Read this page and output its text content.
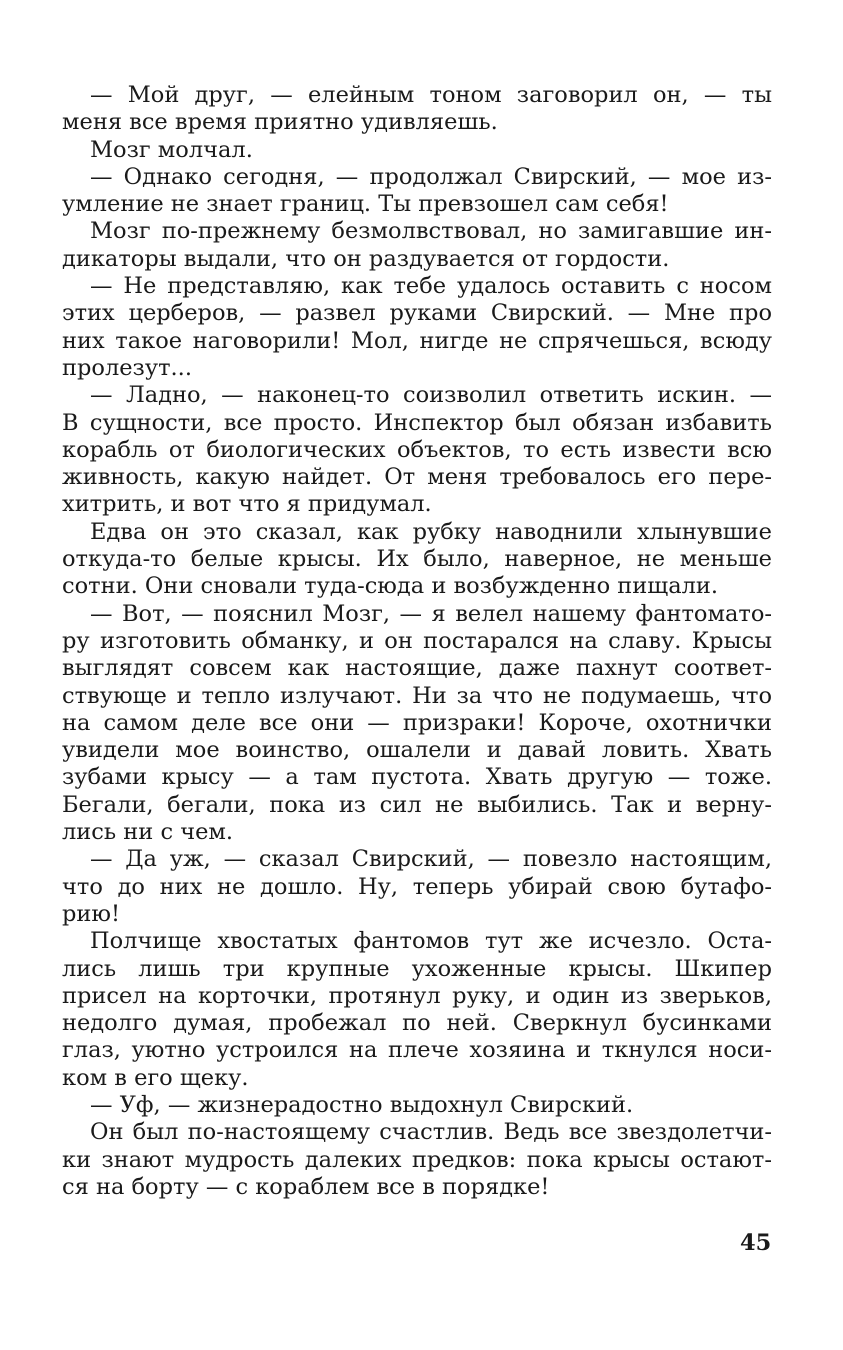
— Мой друг, — елейным тоном заговорил он, — ты
меня все время приятно удивляешь.
Мозг молчал.
— Однако сегодня, — продолжал Свирский, — мое из-
умление не знает границ. Ты превзошел сам себя!
Мозг по-прежнему безмолвствовал, но замигавшие ин-
дикаторы выдали, что он раздувается от гордости.
— Не представляю, как тебе удалось оставить с носом
этих церберов, — развел руками Свирский. — Мне про
них такое наговорили! Мол, нигде не спрячешься, всюду
пролезут...
— Ладно, — наконец-то соизволил ответить искин. —
В сущности, все просто. Инспектор был обязан избавить
корабль от биологических объектов, то есть извести всю
живность, какую найдет. От меня требовалось его пере-
хитрить, и вот что я придумал.
Едва он это сказал, как рубку наводнили хлынувшие
откуда-то белые крысы. Их было, наверное, не меньше
сотни. Они сновали туда-сюда и возбужденно пищали.
— Вот, — пояснил Мозг, — я велел нашему фантомато-
ру изготовить обманку, и он постарался на славу. Крысы
выглядят совсем как настоящие, даже пахнут соответ-
ствующе и тепло излучают. Ни за что не подумаешь, что
на самом деле все они — призраки! Короче, охотнички
увидели мое воинство, ошалели и давай ловить. Хвать
зубами крысу — а там пустота. Хвать другую — тоже.
Бегали, бегали, пока из сил не выбились. Так и верну-
лись ни с чем.
— Да уж, — сказал Свирский, — повезло настоящим,
что до них не дошло. Ну, теперь убирай свою бутафо-
рию!
Полчище хвостатых фантомов тут же исчезло. Оста-
лись лишь три крупные ухоженные крысы. Шкипер
присел на корточки, протянул руку, и один из зверьков,
недолго думая, пробежал по ней. Сверкнул бусинками
глаз, уютно устроился на плече хозяина и ткнулся носи-
ком в его щеку.
— Уф, — жизнерадостно выдохнул Свирский.
Он был по-настоящему счастлив. Ведь все звездолетчи-
ки знают мудрость далеких предков: пока крысы остают-
ся на борту — с кораблем все в порядке!
45
